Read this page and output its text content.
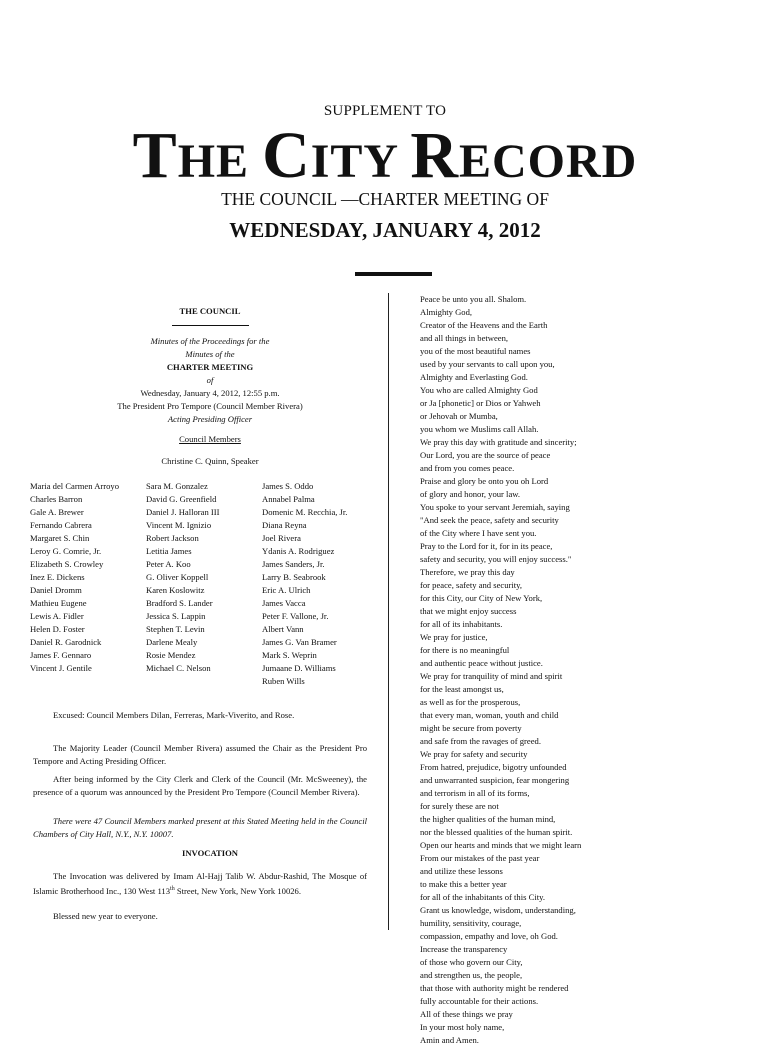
SUPPLEMENT TO
THE CITY RECORD
THE COUNCIL —CHARTER MEETING OF
WEDNESDAY, JANUARY 4, 2012
THE COUNCIL
Minutes of the Proceedings for the
Minutes of the
CHARTER MEETING
of
Wednesday, January 4, 2012, 12:55 p.m.
The President Pro Tempore (Council Member Rivera)
Acting Presiding Officer
Council Members
Christine C. Quinn, Speaker
Maria del Carmen Arroyo
Charles Barron
Gale A. Brewer
Fernando Cabrera
Margaret S. Chin
Leroy G. Comrie, Jr.
Elizabeth S. Crowley
Inez E. Dickens
Daniel Dromm
Mathieu Eugene
Lewis A. Fidler
Helen D. Foster
Daniel R. Garodnick
James F. Gennaro
Vincent J. Gentile
Sara M. Gonzalez
David G. Greenfield
Daniel J. Halloran III
Vincent M. Ignizio
Robert Jackson
Letitia James
Peter A. Koo
G. Oliver Koppell
Karen Koslowitz
Bradford S. Lander
Jessica S. Lappin
Stephen T. Levin
Darlene Mealy
Rosie Mendez
Michael C. Nelson
James S. Oddo
Annabel Palma
Domenic M. Recchia, Jr.
Diana Reyna
Joel Rivera
Ydanis A. Rodriguez
James Sanders, Jr.
Larry B. Seabrook
Eric A. Ulrich
James Vacca
Peter F. Vallone, Jr.
Albert Vann
James G. Van Bramer
Mark S. Weprin
Jumaane D. Williams
Ruben Wills
Excused: Council Members Dilan, Ferreras, Mark-Viverito, and Rose.
The Majority Leader (Council Member Rivera) assumed the Chair as the President Pro Tempore and Acting Presiding Officer.
After being informed by the City Clerk and Clerk of the Council (Mr. McSweeney), the presence of a quorum was announced by the President Pro Tempore (Council Member Rivera).
There were 47 Council Members marked present at this Stated Meeting held in the Council Chambers of City Hall, N.Y., N.Y. 10007.
INVOCATION
The Invocation was delivered by Imam Al-Hajj Talib W. Abdur-Rashid, The Mosque of Islamic Brotherhood Inc., 130 West 113th Street, New York, New York 10026.
Blessed new year to everyone.
Peace be unto you all. Shalom.
Almighty God,
Creator of the Heavens and the Earth
and all things in between,
you of the most beautiful names
used by your servants to call upon you,
Almighty and Everlasting God.
You who are called Almighty God
or Ja [phonetic] or Dios or Yahweh
or Jehovah or Mumba,
you whom we Muslims call Allah.
We pray this day with gratitude and sincerity;
Our Lord, you are the source of peace
and from you comes peace.
Praise and glory be onto you oh Lord
of glory and honor, your law.
You spoke to your servant Jeremiah, saying
"And seek the peace, safety and security
of the City where I have sent you.
Pray to the Lord for it, for in its peace,
safety and security, you will enjoy success."
Therefore, we pray this day
for peace, safety and security,
for this City, our City of New York,
that we might enjoy success
for all of its inhabitants.
We pray for justice,
for there is no meaningful
and authentic peace without justice.
We pray for tranquility of mind and spirit
for the least amongst us,
as well as for the prosperous,
that every man, woman, youth and child
might be secure from poverty
and safe from the ravages of greed.
We pray for safety and security
From hatred, prejudice, bigotry unfounded
and unwarranted suspicion, fear mongering
and terrorism in all of its forms,
for surely these are not
the higher qualities of the human mind,
nor the blessed qualities of the human spirit.
Open our hearts and minds that we might learn
From our mistakes of the past year
and utilize these lessons
to make this a better year
for all of the inhabitants of this City.
Grant us knowledge, wisdom, understanding,
humility, sensitivity, courage,
compassion, empathy and love, oh God.
Increase the transparency
of those who govern our City,
and strengthen us, the people,
that those with authority might be rendered
fully accountable for their actions.
All of these things we pray
In your most holy name,
Amin and Amen.
